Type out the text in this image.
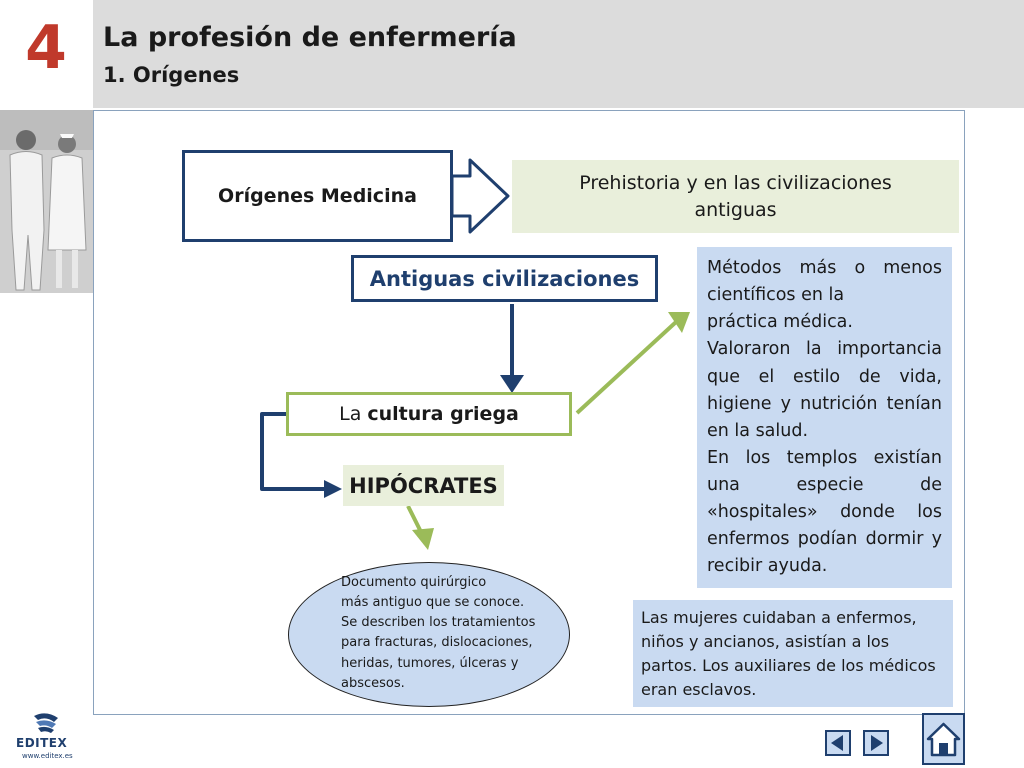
4 La profesión de enfermería
1. Orígenes
Orígenes Medicina
Prehistoria y en las civilizaciones antiguas
Antiguas civilizaciones
La cultura griega
HIPÓCRATES

Métodos más o menos científicos en la

práctica médica.

Valoraron la importancia que el estilo de vida, higiene y nutrición tenían en la salud.

En los templos existían una especie de «hospitales» donde los enfermos podían dormir y recibir ayuda.

Las mujeres cuidaban a enfermos, niños y ancianos, asistían a los partos. Los auxiliares de los médicos eran esclavos.
Documento quirúrgico
más antiguo que se conoce.
Se describen los tratamientos para fracturas, dislocaciones, heridas, tumores, úlceras y abscesos.
EDITEX
www.editex.es
